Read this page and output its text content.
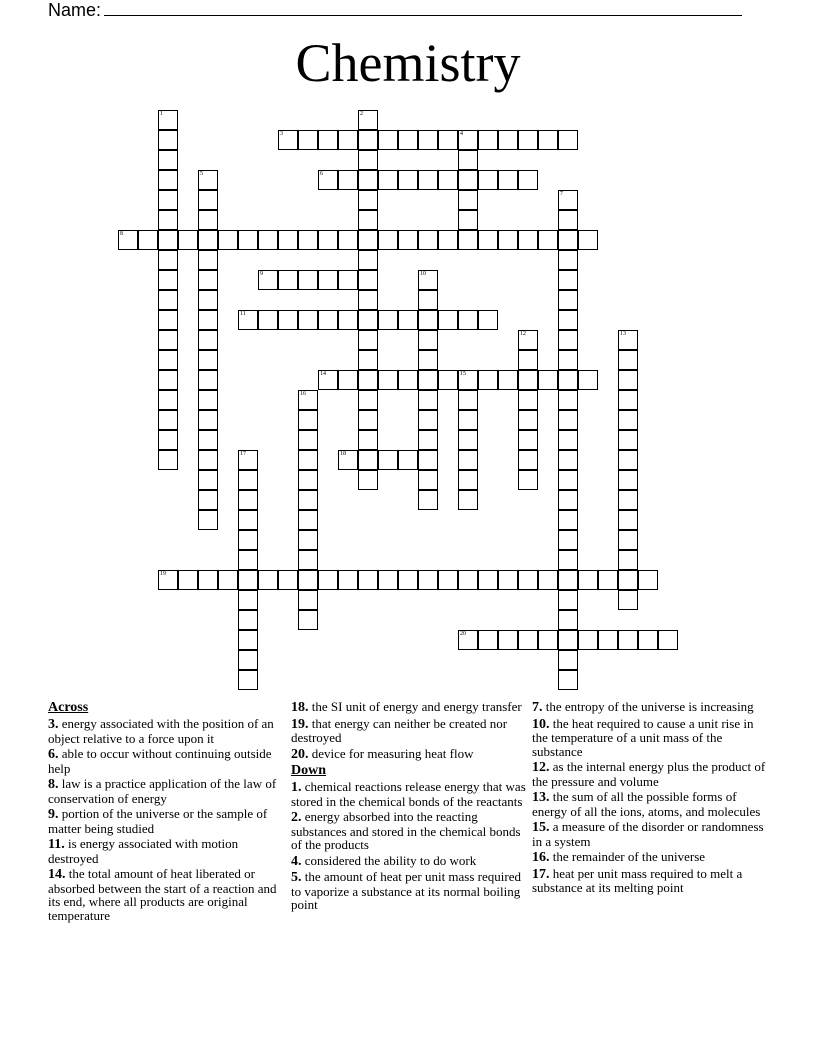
Name:
Chemistry
3	4
6
8
9
11
14	15
18
19
20
1	2
5
7
10
12	13
16
17
Across
3. energy associated with the position of an object relative to a force upon it
6. able to occur without continuing outside help
8. law is a practice application of the law of conservation of energy
9. portion of the universe or the sample of matter being studied
11. is energy associated with motion destroyed
14. the total amount of heat liberated or absorbed between the start of a reaction and its end, where all products are original temperature
18. the SI unit of energy and energy transfer
19. that energy can neither be created nor destroyed
20. device for measuring heat flow
Down
1. chemical reactions release energy that was stored in the chemical bonds of the reactants
2. energy absorbed into the reacting substances and stored in the chemical bonds of the products
4. considered the ability to do work
5. the amount of heat per unit mass required to vaporize a substance at its normal boiling point
7. the entropy of the universe is increasing
10. the heat required to cause a unit rise in the temperature of a unit mass of the substance
12. as the internal energy plus the product of the pressure and volume
13. the sum of all the possible forms of energy of all the ions, atoms, and molecules
15. a measure of the disorder or randomness in a system
16. the remainder of the universe
17. heat per unit mass required to melt a substance at its melting point
